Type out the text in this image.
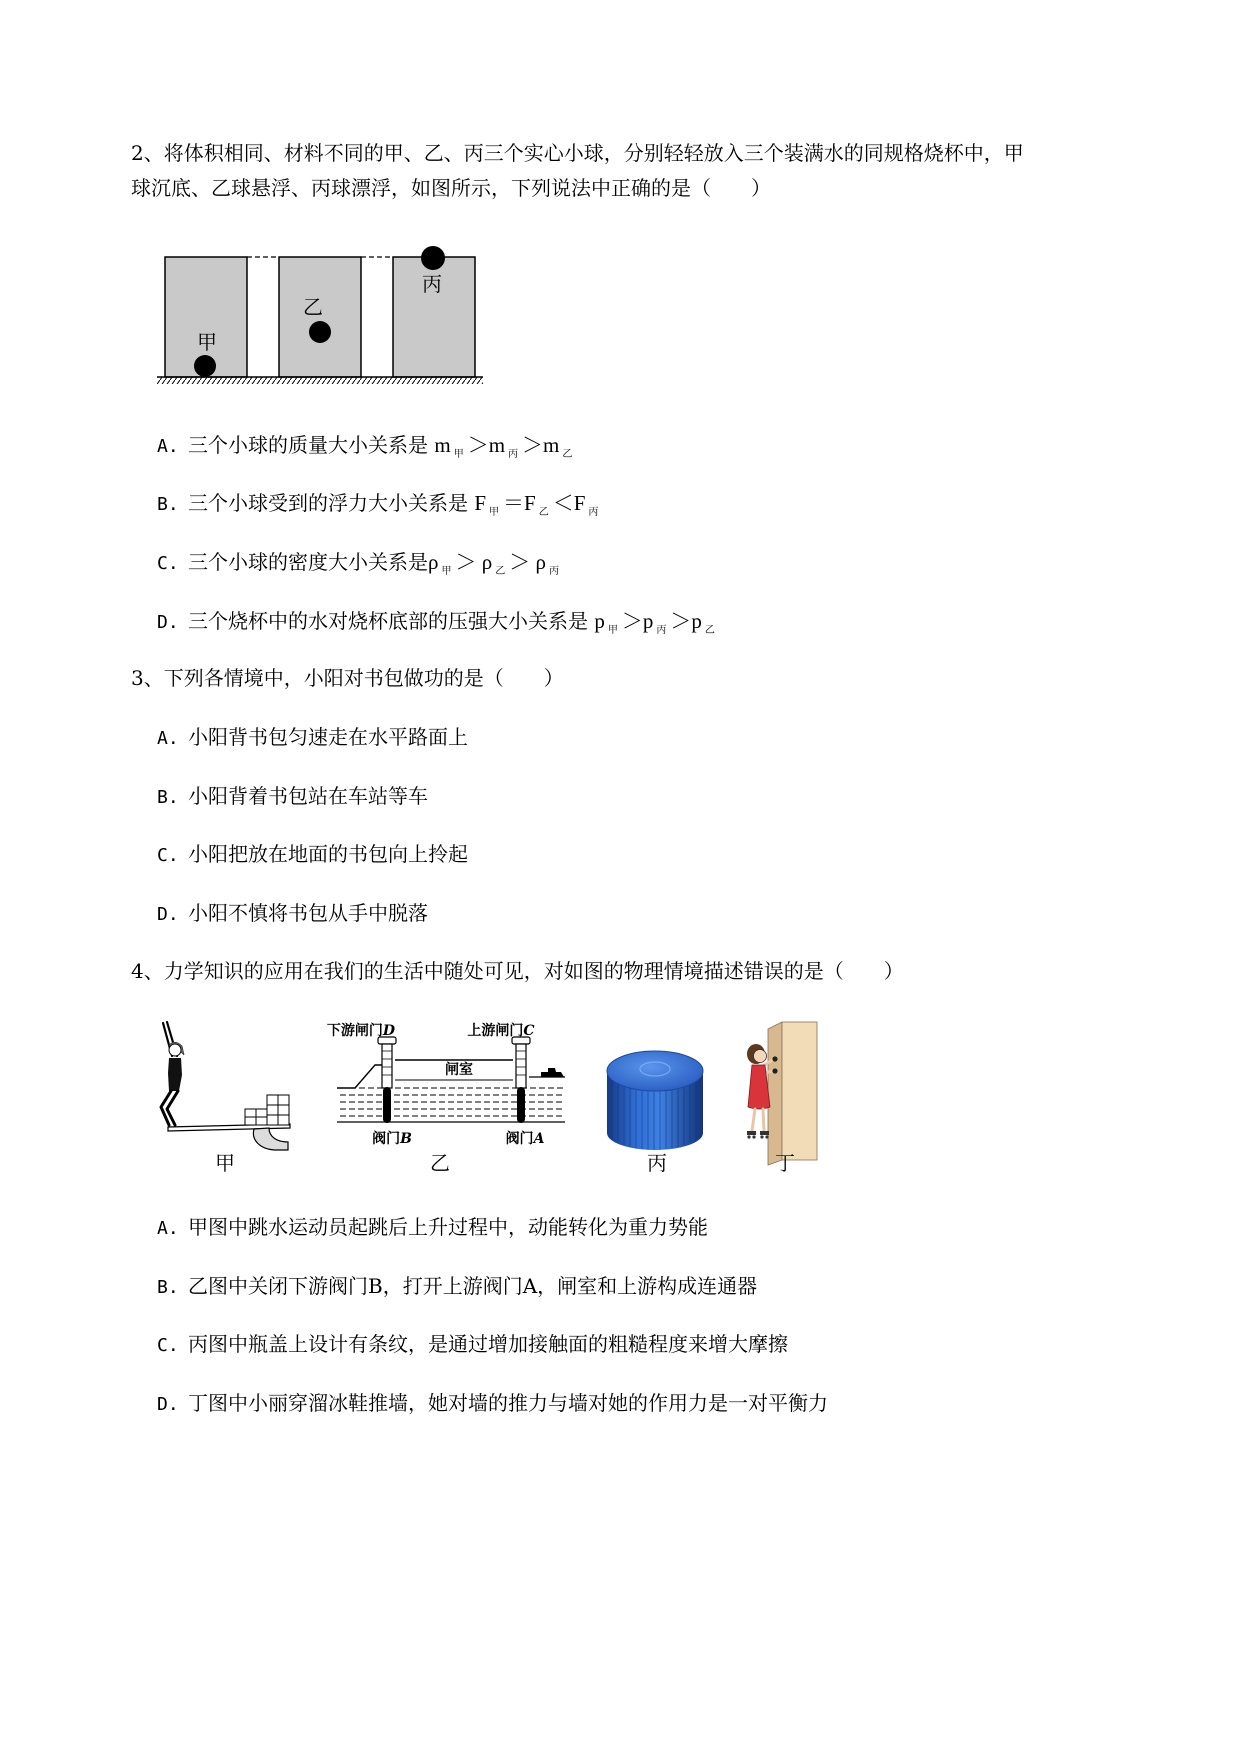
2、将体积相同、材料不同的甲、乙、丙三个实心小球，分别轻轻放入三个装满水的同规格烧杯中，甲
球沉底、乙球悬浮、丙球漂浮，如图所示，下列说法中正确的是（　　）
甲
乙
丙
A. 三个小球的质量大小关系是 m $_甲$ ＞m $_丙$ ＞m $_乙$
B. 三个小球受到的浮力大小关系是 F $_甲$ ＝F $_乙$ ＜F $_丙$
C. 三个小球的密度大小关系是ρ $_甲$ ＞ ρ $_乙$ ＞ ρ $_丙$
D. 三个烧杯中的水对烧杯底部的压强大小关系是 p $_甲$ ＞p $_丙$ ＞p $_乙$
3、下列各情境中，小阳对书包做功的是（　　）
A. 小阳背书包匀速走在水平路面上
B. 小阳背着书包站在车站等车
C. 小阳把放在地面的书包向上拎起
D. 小阳不慎将书包从手中脱落
4、力学知识的应用在我们的生活中随处可见，对如图的物理情境描述错误的是（　　）
甲
下游闸门D	上游闸门C
闸室
阀门B	阀门A
乙	丙	丁
A. 甲图中跳水运动员起跳后上升过程中，动能转化为重力势能
B. 乙图中关闭下游阀门B，打开上游阀门A，闸室和上游构成连通器
C. 丙图中瓶盖上设计有条纹，是通过增加接触面的粗糙程度来增大摩擦
D. 丁图中小丽穿溜冰鞋推墙，她对墙的推力与墙对她的作用力是一对平衡力
